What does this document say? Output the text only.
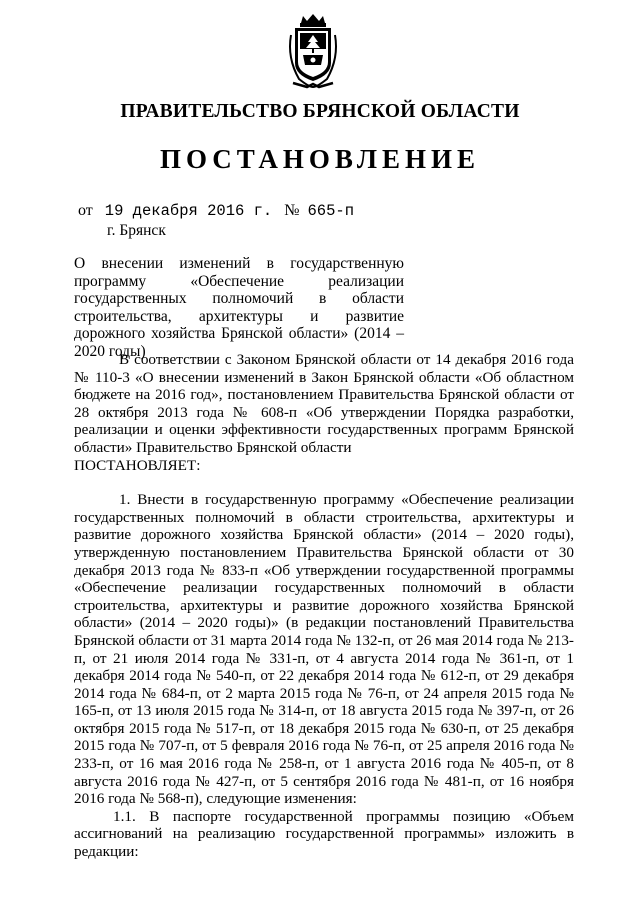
ПРАВИТЕЛЬСТВО БРЯНСКОЙ ОБЛАСТИ
ПОСТАНОВЛЕНИЕ
от 19 декабря 2016 г. № 665-п
г. Брянск

О внесении изменений в государственную программу «Обеспечение реализации государственных полномочий в области строительства, архитектуры и развитие дорожного хозяйства Брянской области» (2014 – 2020 годы)

В соответствии с Законом Брянской области от 14 декабря 2016 года № 110-3 «О внесении изменений в Закон Брянской области «Об областном бюджете на 2016 год», постановлением Правительства Брянской области от 28 октября 2013 года № 608-п «Об утверждении Порядка разработки, реализации и оценки эффективности государственных программ Брянской области» Правительство Брянской области

ПОСТАНОВЛЯЕТ:

1. Внести в государственную программу «Обеспечение реализации государственных полномочий в области строительства, архитектуры и развитие дорожного хозяйства Брянской области» (2014 – 2020 годы), утвержденную постановлением Правительства Брянской области от 30 декабря 2013 года № 833-п «Об утверждении государственной программы «Обеспечение реализации государственных полномочий в области строительства, архитектуры и развитие дорожного хозяйства Брянской области» (2014 – 2020 годы)» (в редакции постановлений Правительства Брянской области от 31 марта 2014 года № 132-п, от 26 мая 2014 года № 213-п, от 21 июля 2014 года № 331-п, от 4 августа 2014 года № 361-п, от 1 декабря 2014 года № 540-п, от 22 декабря 2014 года № 612-п, от 29 декабря 2014 года № 684-п, от 2 марта 2015 года № 76-п, от 24 апреля 2015 года № 165-п, от 13 июля 2015 года № 314-п, от 18 августа 2015 года № 397-п, от 26 октября 2015 года № 517-п, от 18 декабря 2015 года № 630-п, от 25 декабря 2015 года № 707-п, от 5 февраля 2016 года № 76-п, от 25 апреля 2016 года № 233-п, от 16 мая 2016 года № 258-п, от 1 августа 2016 года № 405-п, от 8 августа 2016 года № 427-п, от 5 сентября 2016 года № 481-п, от 16 ноября 2016 года № 568-п), следующие изменения:

1.1. В паспорте государственной программы позицию «Объем ассигнований на реализацию государственной программы» изложить в редакции:
